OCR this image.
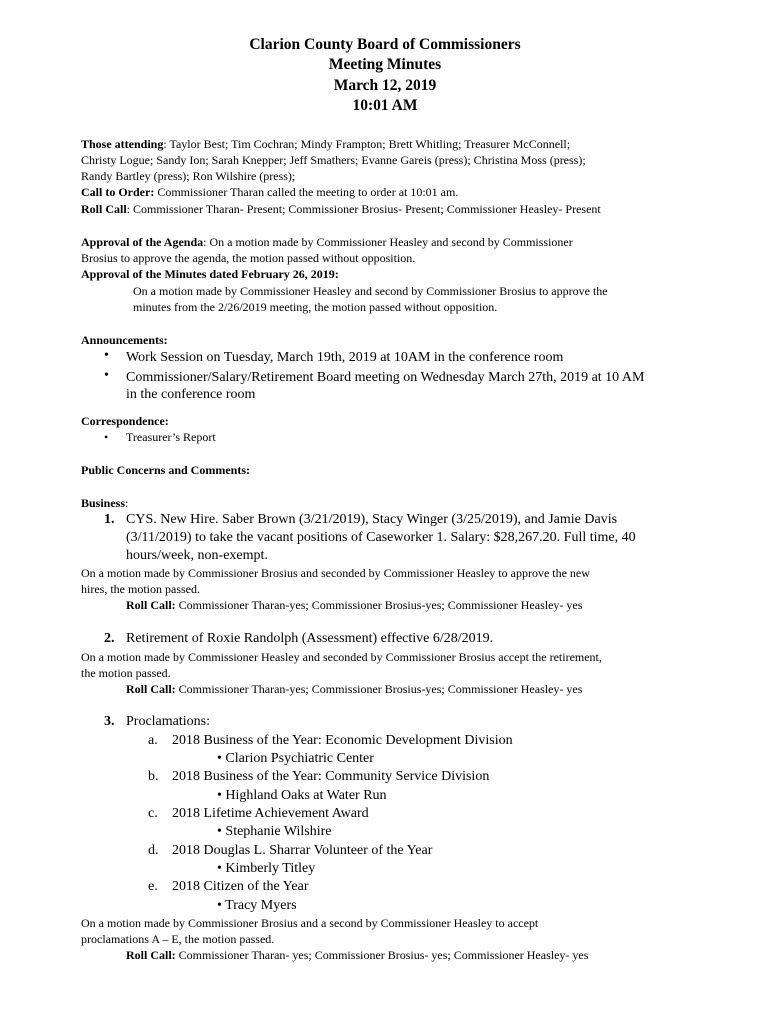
Clarion County Board of Commissioners
Meeting Minutes
March 12, 2019
10:01 AM
Those attending: Taylor Best; Tim Cochran; Mindy Frampton; Brett Whitling; Treasurer McConnell;
Christy Logue; Sandy Ion; Sarah Knepper; Jeff Smathers; Evanne Gareis (press); Christina Moss (press);
Randy Bartley (press); Ron Wilshire (press);
Call to Order: Commissioner Tharan called the meeting to order at 10:01 am.
Roll Call: Commissioner Tharan- Present; Commissioner Brosius- Present; Commissioner Heasley- Present
Approval of the Agenda: On a motion made by Commissioner Heasley and second by Commissioner
Brosius to approve the agenda, the motion passed without opposition.
Approval of the Minutes dated February 26, 2019:
On a motion made by Commissioner Heasley and second by Commissioner Brosius to approve the
minutes from the 2/26/2019 meeting, the motion passed without opposition.
Announcements:
• Work Session on Tuesday, March 19th, 2019 at 10AM in the conference room
• Commissioner/Salary/Retirement Board meeting on Wednesday March 27th, 2019 at 10 AM
in the conference room
Correspondence:
• Treasurer’s Report
Public Concerns and Comments:
Business:
1. CYS. New Hire. Saber Brown (3/21/2019), Stacy Winger (3/25/2019), and Jamie Davis
(3/11/2019) to take the vacant positions of Caseworker 1. Salary: $28,267.20. Full time, 40
hours/week, non-exempt.
On a motion made by Commissioner Brosius and seconded by Commissioner Heasley to approve the new
hires, the motion passed.
Roll Call: Commissioner Tharan-yes; Commissioner Brosius-yes; Commissioner Heasley- yes
2. Retirement of Roxie Randolph (Assessment) effective 6/28/2019.
On a motion made by Commissioner Heasley and seconded by Commissioner Brosius accept the retirement,
the motion passed.
Roll Call: Commissioner Tharan-yes; Commissioner Brosius-yes; Commissioner Heasley- yes
3. Proclamations:
a. 2018 Business of the Year: Economic Development Division
• Clarion Psychiatric Center
b. 2018 Business of the Year: Community Service Division
• Highland Oaks at Water Run
c. 2018 Lifetime Achievement Award
• Stephanie Wilshire
d. 2018 Douglas L. Sharrar Volunteer of the Year
• Kimberly Titley
e. 2018 Citizen of the Year
• Tracy Myers
On a motion made by Commissioner Brosius and a second by Commissioner Heasley to accept
proclamations A – E, the motion passed.
Roll Call: Commissioner Tharan- yes; Commissioner Brosius- yes; Commissioner Heasley- yes
